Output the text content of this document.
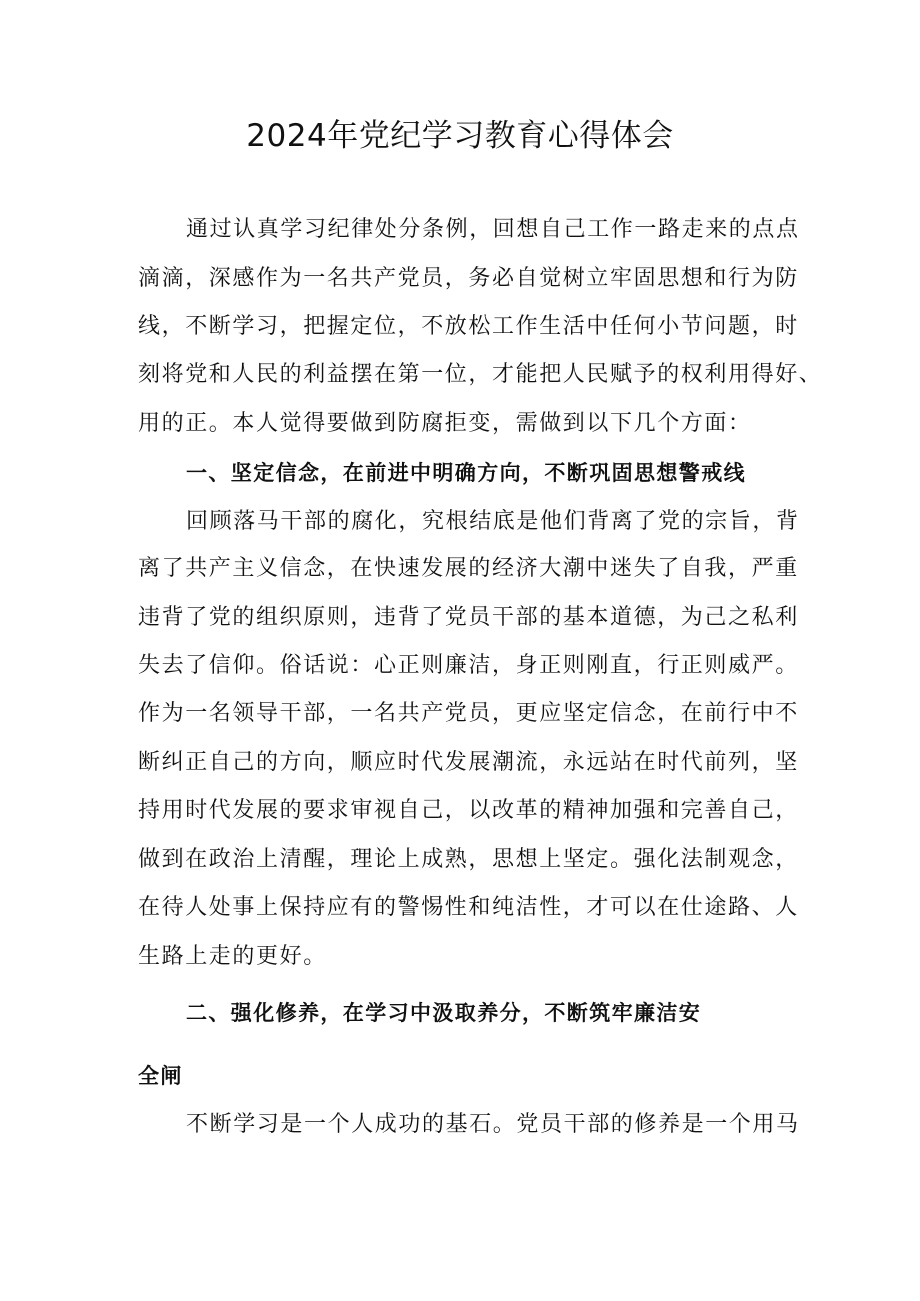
2024年党纪学习教育心得体会

通过认真学习纪律处分条例，回想自己工作一路走来的点点

滴滴，深感作为一名共产党员，务必自觉树立牢固思想和行为防

线，不断学习，把握定位，不放松工作生活中任何小节问题，时

刻将党和人民的利益摆在第一位，才能把人民赋予的权利用得好、

用的正。本人觉得要做到防腐拒变，需做到以下几个方面：

一、坚定信念，在前进中明确方向，不断巩固思想警戒线

回顾落马干部的腐化，究根结底是他们背离了党的宗旨，背

离了共产主义信念，在快速发展的经济大潮中迷失了自我，严重

违背了党的组织原则，违背了党员干部的基本道德，为己之私利

失去了信仰。俗话说：心正则廉洁，身正则刚直，行正则威严。

作为一名领导干部，一名共产党员，更应坚定信念，在前行中不

断纠正自己的方向，顺应时代发展潮流，永远站在时代前列，坚

持用时代发展的要求审视自己，以改革的精神加强和完善自己，

做到在政治上清醒，理论上成熟，思想上坚定。强化法制观念，

在待人处事上保持应有的警惕性和纯洁性，才可以在仕途路、人

生路上走的更好。

二、强化修养，在学习中汲取养分，不断筑牢廉洁安

全闸

不断学习是一个人成功的基石。党员干部的修养是一个用马
